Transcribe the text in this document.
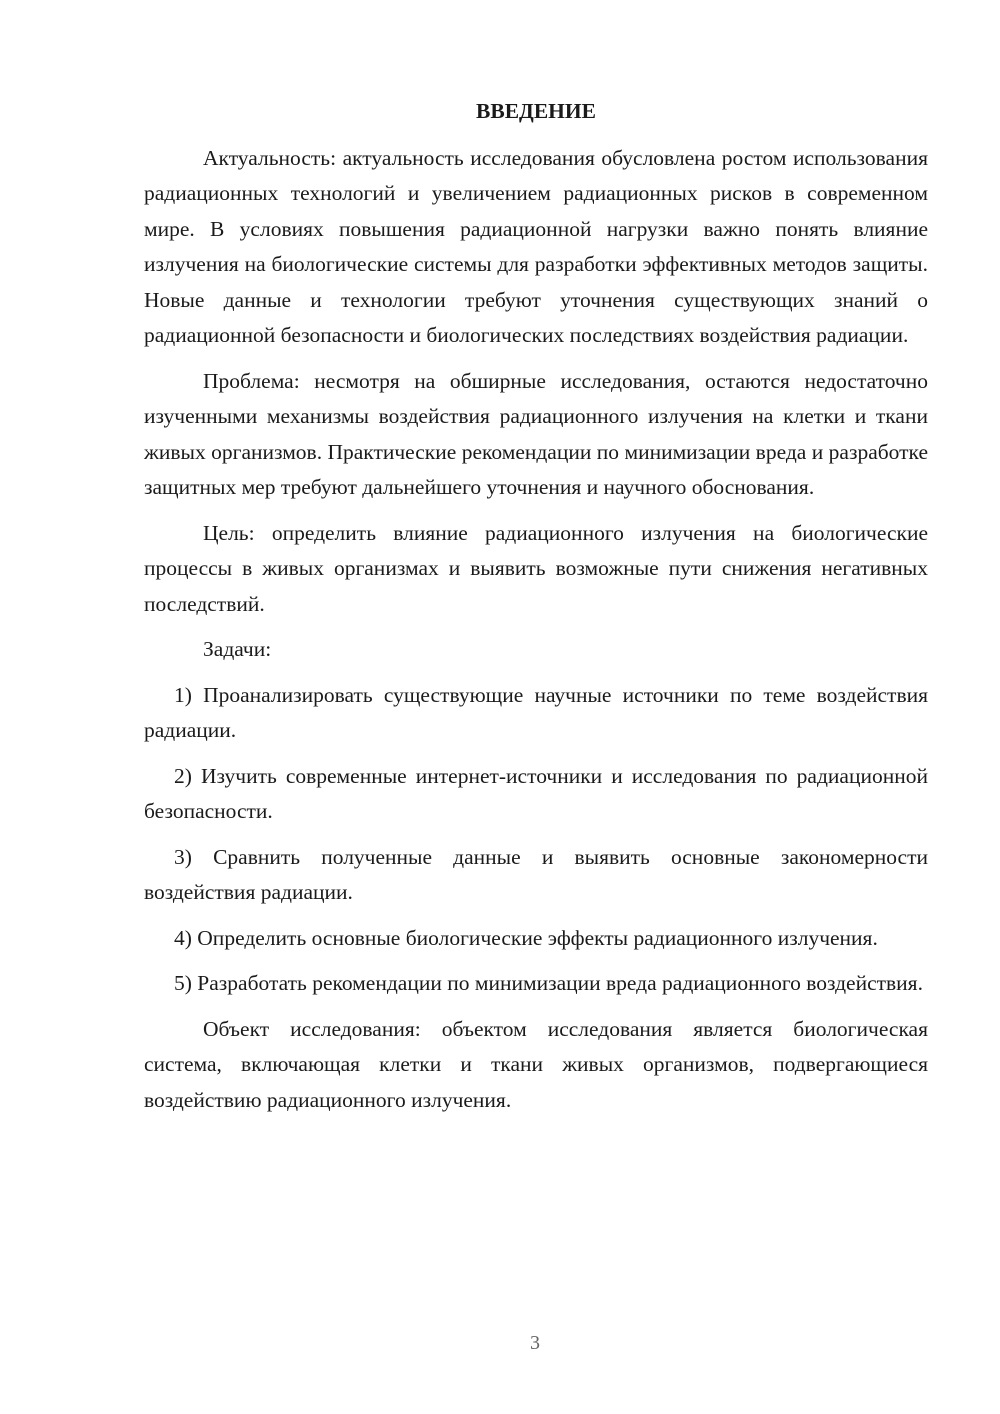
ВВЕДЕНИЕ

Актуальность: актуальность исследования обусловлена ростом использования радиационных технологий и увеличением радиационных рисков в современном мире. В условиях повышения радиационной нагрузки важно понять влияние излучения на биологические системы для разработки эффективных методов защиты. Новые данные и технологии требуют уточнения существующих знаний о радиационной безопасности и биологических последствиях воздействия радиации.

Проблема: несмотря на обширные исследования, остаются недостаточно изученными механизмы воздействия радиационного излучения на клетки и ткани живых организмов. Практические рекомендации по минимизации вреда и разработке защитных мер требуют дальнейшего уточнения и научного обоснования.

Цель: определить влияние радиационного излучения на биологические процессы в живых организмах и выявить возможные пути снижения негативных последствий.

Задачи:

1) Проанализировать существующие научные источники по теме воздействия радиации.

2) Изучить современные интернет-источники и исследования по радиационной безопасности.

3) Сравнить полученные данные и выявить основные закономерности воздействия радиации.

4) Определить основные биологические эффекты радиационного излучения.

5) Разработать рекомендации по минимизации вреда радиационного воздействия.

Объект исследования: объектом исследования является биологическая система, включающая клетки и ткани живых организмов, подвергающиеся воздействию радиационного излучения.

3
